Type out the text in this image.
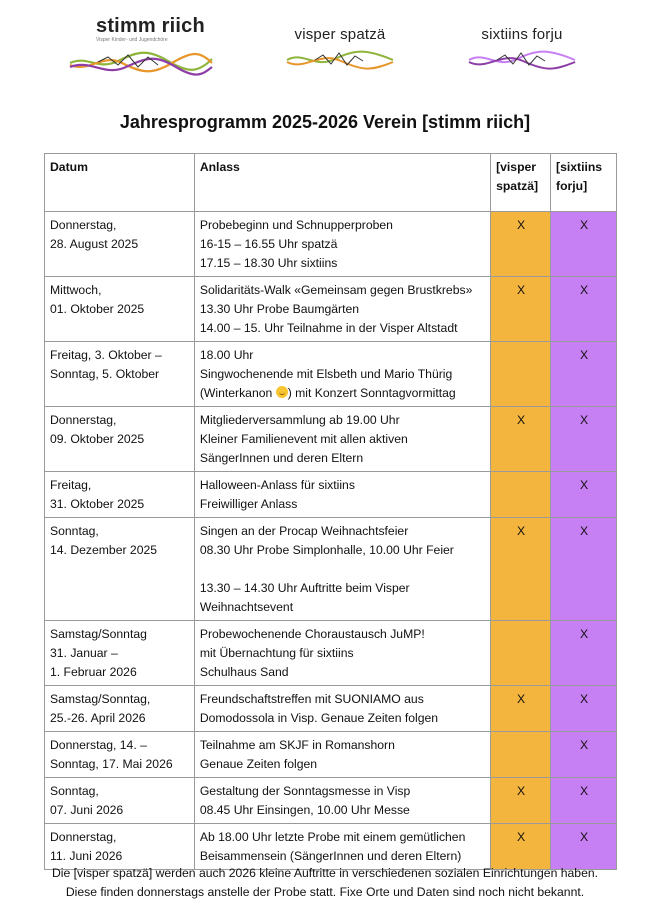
stimm riich
Visper Kinder- und Jugendchöre	visper spatzä	sixtiins forju
Jahresprogramm 2025-2026 Verein [stimm riich]
Datum	Anlass	[visper
spatzä]	[sixtiins
forju]

Donnerstag,
28. August 2025	Probebeginn und Schnupperproben
16-15 – 16.55 Uhr spatzä
17.15 – 18.30 Uhr sixtiins	X	X

Mittwoch,
01. Oktober 2025	Solidaritäts-Walk «Gemeinsam gegen Brustkrebs»
13.30 Uhr Probe Baumgärten
14.00 – 15. Uhr Teilnahme in der Visper Altstadt	X	X

Freitag, 3. Oktober –
Sonntag, 5. Oktober	18.00 Uhr
Singwochenende mit Elsbeth und Mario Thürig
(Winterkanon ) mit Konzert Sonntagvormittag		X

Donnerstag,
09. Oktober 2025	Mitgliederversammlung ab 19.00 Uhr
Kleiner Familienevent mit allen aktiven
SängerInnen und deren Eltern	X	X

Freitag,
31. Oktober 2025	Halloween-Anlass für sixtiins
Freiwilliger Anlass		X

Sonntag,
14. Dezember 2025	Singen an der Procap Weihnachtsfeier
08.30 Uhr Probe Simplonhalle, 10.00 Uhr Feier

13.30 – 14.30 Uhr Auftritte beim Visper
Weihnachtsevent	X	X

Samstag/Sonntag
31. Januar –
1. Februar 2026	Probewochenende Choraustausch JuMP!
mit Übernachtung für sixtiins
Schulhaus Sand		X

Samstag/Sonntag,
25.-26. April 2026	Freundschaftstreffen mit SUONIAMO aus
Domodossola in Visp. Genaue Zeiten folgen	X	X

Donnerstag, 14. –
Sonntag, 17. Mai 2026	Teilnahme am SKJF in Romanshorn
Genaue Zeiten folgen		X

Sonntag,
07. Juni 2026	Gestaltung der Sonntagsmesse in Visp
08.45 Uhr Einsingen, 10.00 Uhr Messe	X	X

Donnerstag,
11. Juni 2026	Ab 18.00 Uhr letzte Probe mit einem gemütlichen
Beisammensein (SängerInnen und deren Eltern)	X	X
Die [visper spatzä] werden auch 2026 kleine Auftritte in verschiedenen sozialen Einrichtungen haben.
Diese finden donnerstags anstelle der Probe statt. Fixe Orte und Daten sind noch nicht bekannt.
